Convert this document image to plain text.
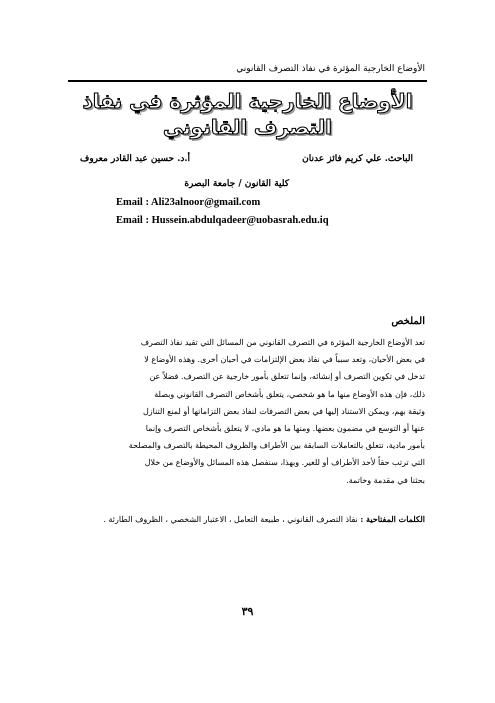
الأوضاع الخارجية المؤثرة في نفاذ التصرف القانوني
الأوضاع الخارجية المؤثرة في نفاذ
التصرف القانوني
الباحث. علي كريم فائز عدنان
أ.د. حسين عبد القادر معروف
كلية القانون / جامعة البصرة
Email : Ali23alnoor@gmail.com
Email : Hussein.abdulqadeer@uobasrah.edu.iq
الملخص
تعد الأوضاع الخارجية المؤثرة في التصرف القانوني من المسائل التي تقيد نفاذ التصرف
في بعض الأحيان، وتعد سبباً في نفاذ بعض الإلتزامات في أحيان أخرى. وهذه الأوضاع لا
تدخل في تكوين التصرف أو إنشائه، وإنما تتعلق بأمور خارجية عن التصرف. فضلاً عن
ذلك، فإن هذه الأوضاع منها ما هو شخصي، يتعلق بأشخاص التصرف القانوني وبصلة
وثيقة بهم، ويمكن الاستناد إليها في بعض التصرفات لنفاذ بعض التزاماتها أو لمنع التنازل
عنها أو التوسع في مضمون بعضها. ومنها ما هو مادي، لا يتعلق بأشخاص التصرف وإنما
بأمور مادية، تتعلق بالتعاملات السابقة بين الأطراف والظروف المحيطة بالتصرف والمصلحة
التي ترتب حقاً لأحد الأطراف أو للغير. وبهذا، سنفصل هذه المسائل والأوضاع من خلال
بحثنا في مقدمة وخاتمة.
الكلمات المفتاحية : نفاذ التصرف القانوني ، طبيعة التعامل ، الاعتبار الشخصي ، الظروف الطارئة .
٣٩
